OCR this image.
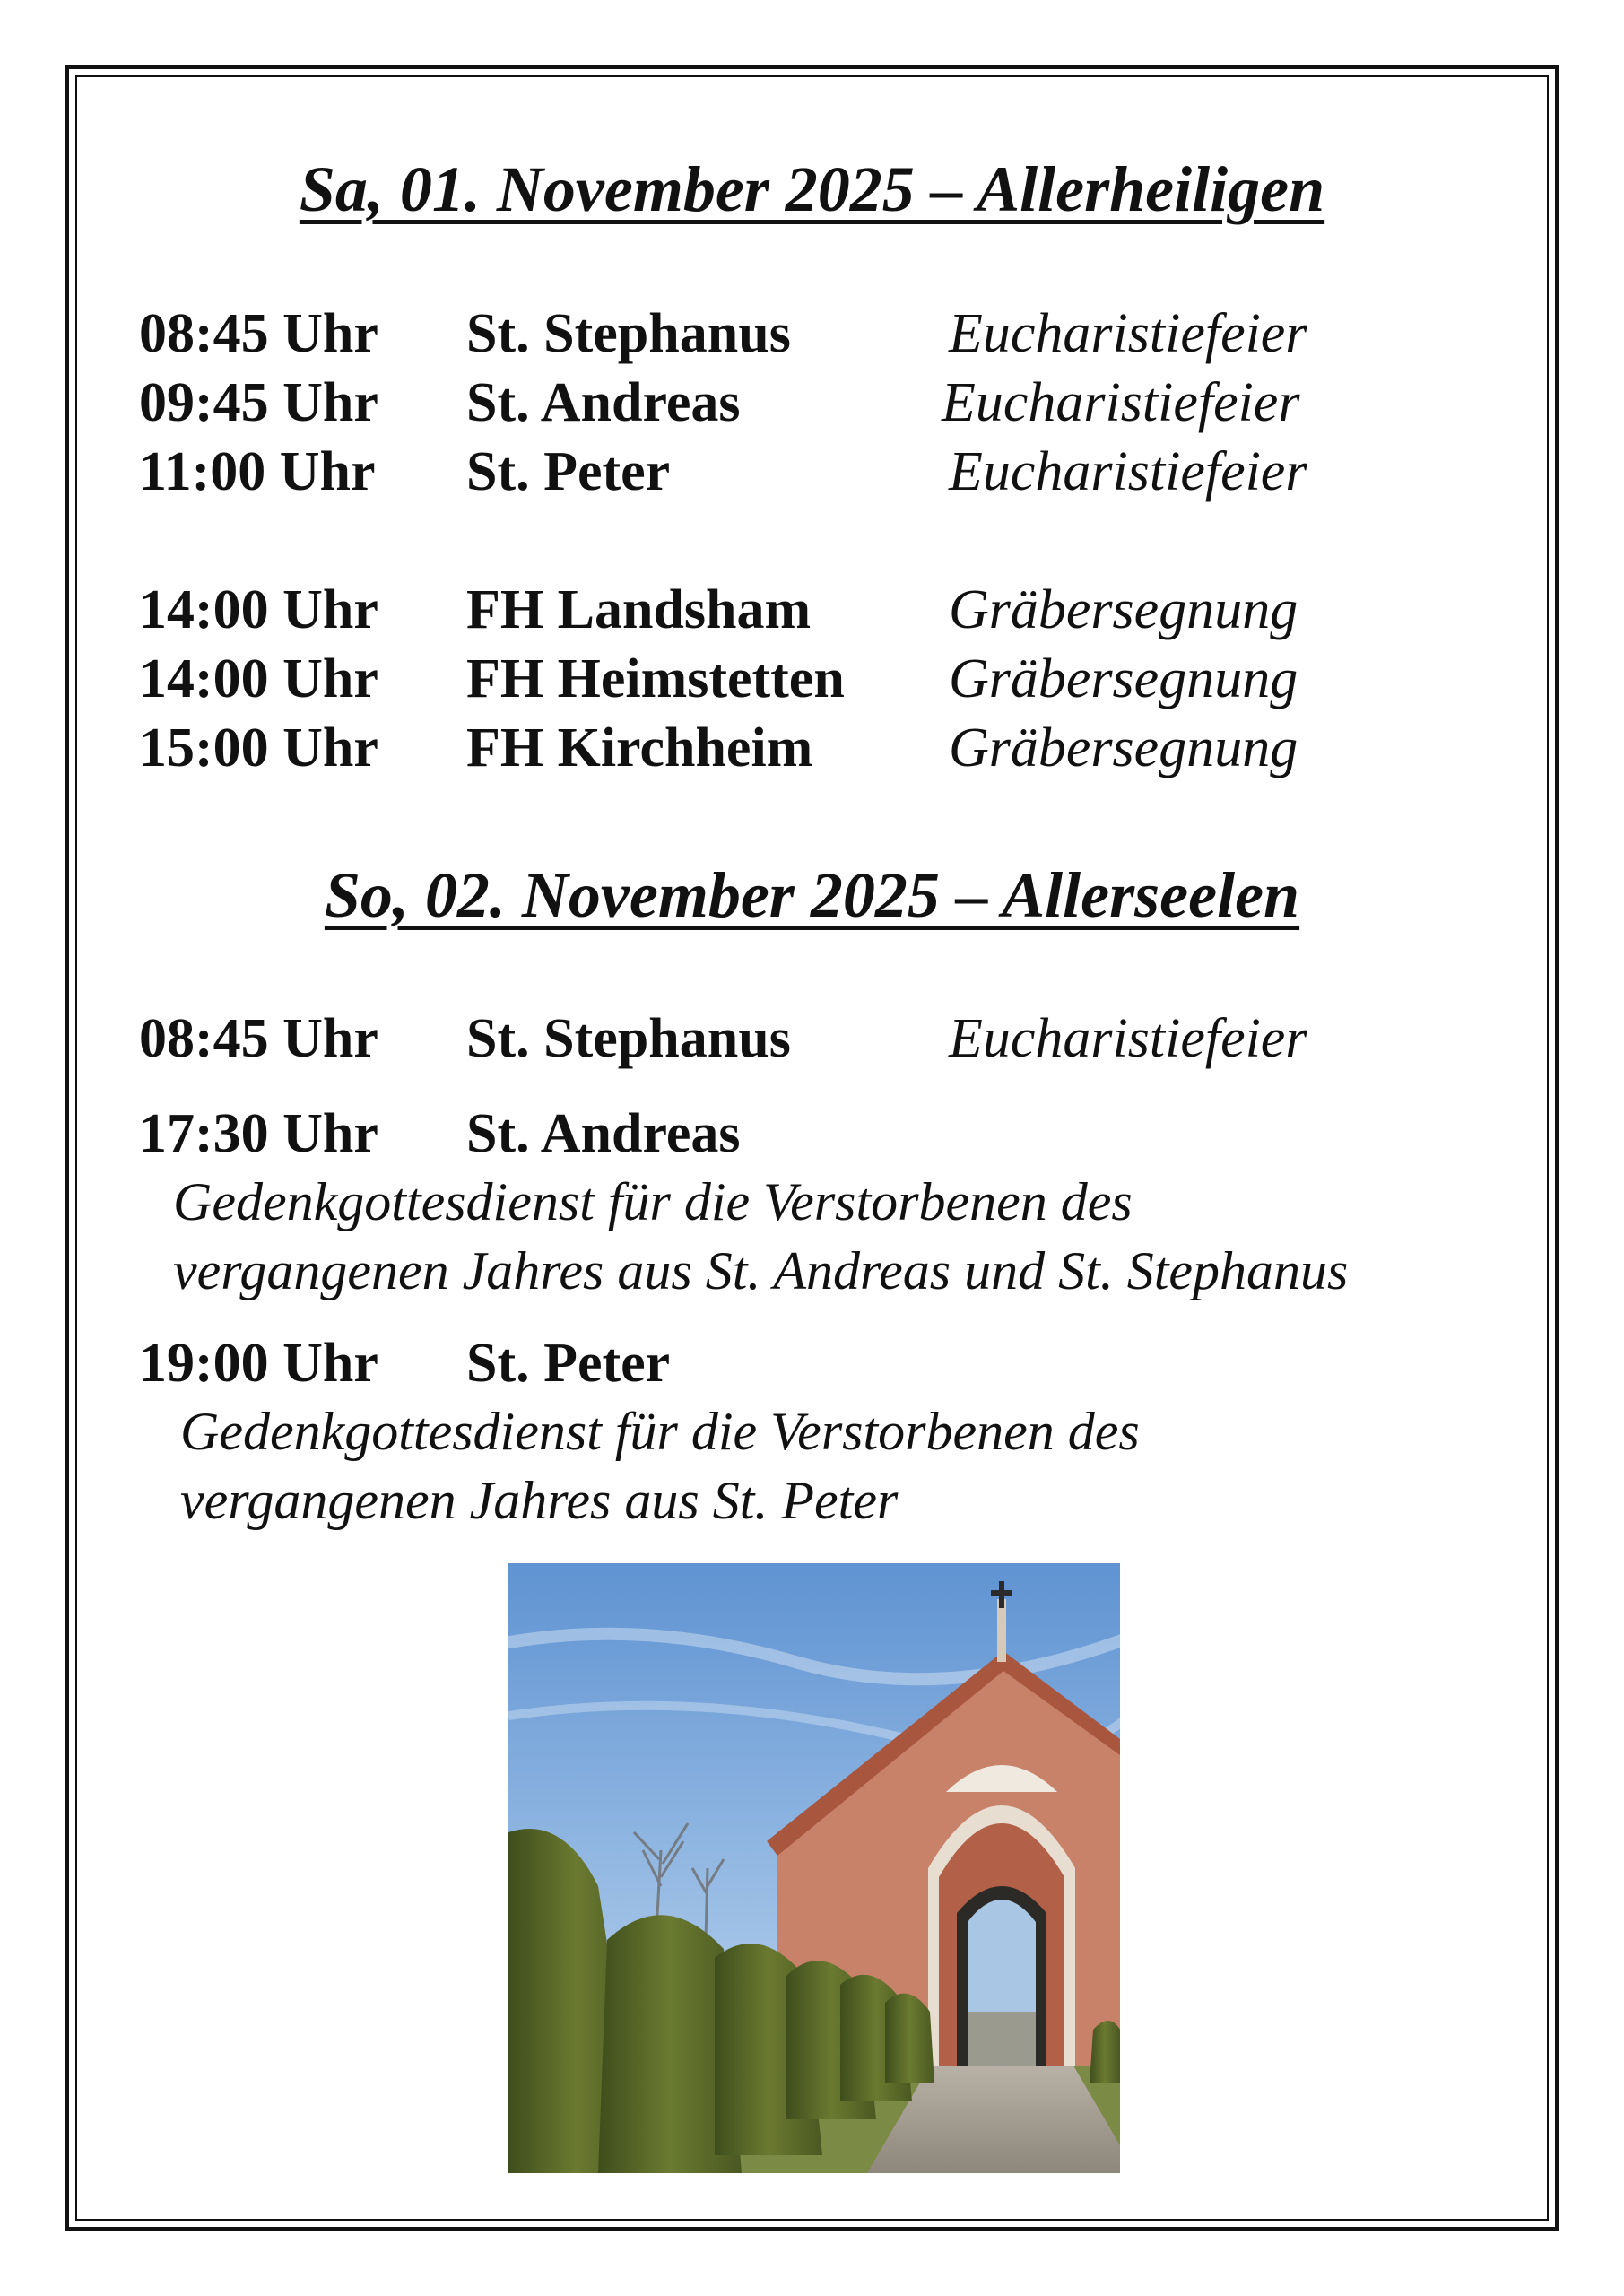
Sa, 01. November 2025 – Allerheiligen
08:45 Uhr St. Stephanus	Eucharistiefeier
09:45 Uhr St. Andreas	Eucharistiefeier
11:00 Uhr St. Peter	Eucharistiefeier
14:00 Uhr FH Landsham Gräbersegnung
14:00 Uhr FH Heimstetten Gräbersegnung
15:00 Uhr FH Kirchheim Gräbersegnung
So, 02. November 2025 – Allerseelen
08:45 Uhr St. Stephanus	Eucharistiefeier
17:30 Uhr St. Andreas
Gedenkgottesdienst für die Verstorbenen des
vergangenen Jahres aus St. Andreas und St. Stephanus
19:00 Uhr St. Peter
Gedenkgottesdienst für die Verstorbenen des
vergangenen Jahres aus St. Peter
